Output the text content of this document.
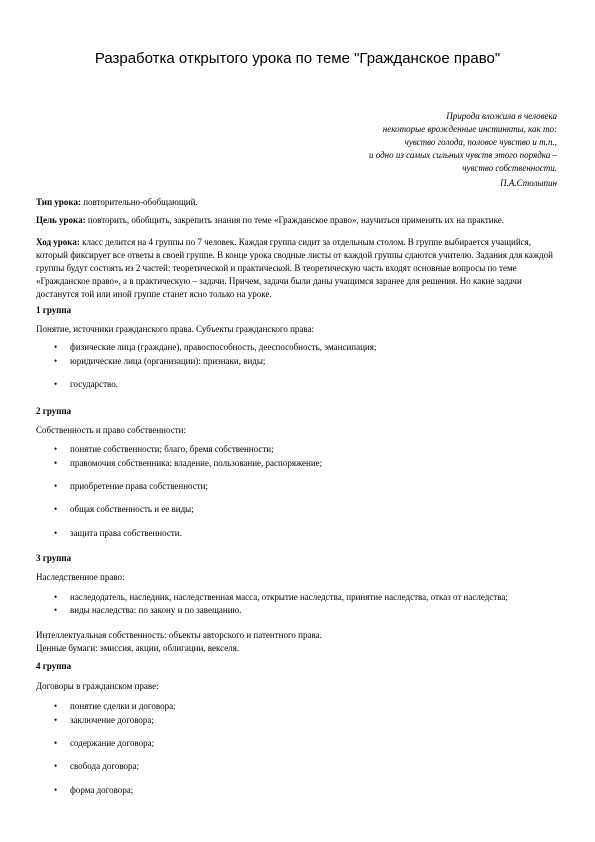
Разработка открытого урока по теме "Гражданское право"
Природа вложила в человека
некоторые врожденные инстинкты, как то:
чувство голода, половое чувство и т.п.,
и одно из самых сильных чувств этого порядка –
чувство собственности.
П.А.Столыпин
Тип урока: повторительно-обобщающий.
Цель урока: повторить, обобщить, закрепить знания по теме «Гражданское право», научиться применять их на практике.
Ход урока: класс делится на 4 группы по 7 человек. Каждая группа сидит за отдельным столом. В группе выбирается учащийся, который фиксирует все ответы в своей группе. В конце урока сводные листы от каждой группы сдаются учителю. Задания для каждой группы будут состоять из 2 частей: теоретической и практической. В теоретическую часть входят основные вопросы по теме «Гражданское право», а в практическую – задачи. Причем, задачи были даны учащимся заранее для решения. Но какие задачи достанутся той или иной группе станет ясно только на уроке.
1 группа
Понятие, источники гражданского права. Субъекты гражданского права:
• физические лица (граждане), правоспособность, дееспособность, эмансипация;
• юридические лица (организации): признаки, виды;
• государство.
2 группа
Собственность и право собственности:
• понятие собственности; благо, бремя собственности;
• правомочия собственника: владение, пользование, распоряжение;
• приобретение права собственности;
• общая собственность и ее виды;
• защита права собственности.
3 группа
Наследственное право:
• наследодатель, наследник, наследственная масса, открытие наследства, принятие наследства, отказ от наследства;
• виды наследства: по закону и по завещанию.
Интеллектуальная собственность: объекты авторского и патентного права.
Ценные бумаги: эмиссия, акции, облигации, векселя.
4 группа
Договоры в гражданском праве:
• понятие сделки и договора;
• заключение договора;
• содержание договора;
• свобода договора;
• форма договора;
